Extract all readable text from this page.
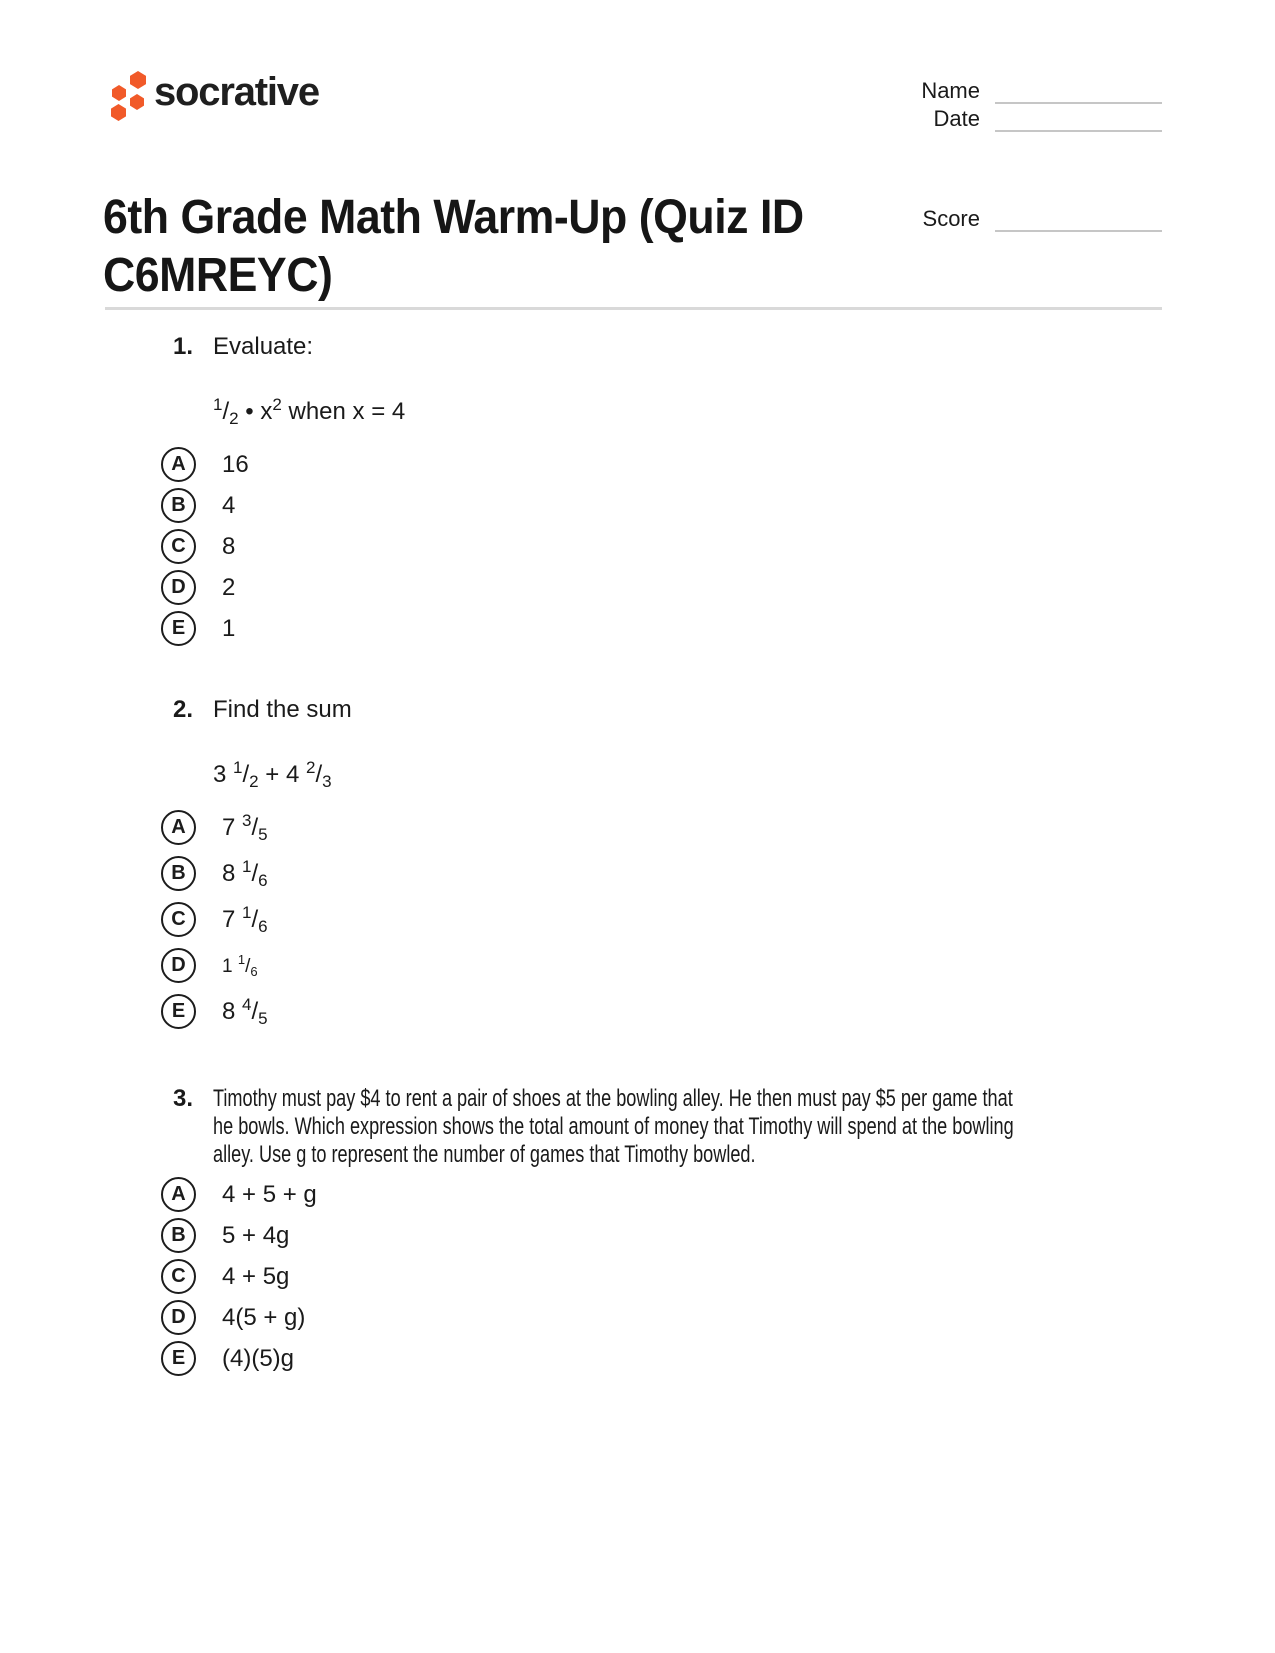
socrative	Name
Date
6th Grade Math Warm-Up (Quiz ID C6MREYC)
Score
1. Evaluate:
$^1/_2$ • $x^2$ when x = 4
A	16
B	4
C	8
D	2
E	1
2. Find the sum
3 $^1/_2 + 4$ $^2/_3$
A	7 $^3/_5$
B	8 $^1/_6$
C	7 $^1/_6$
D	1 $^1/_6$
E	8 $^4/_5$
3. Timothy must pay $4 to rent a pair of shoes at the bowling alley. He then must pay $5 per game that he bowls. Which expression shows the total amount of money that Timothy will spend at the bowling alley. Use g to represent the number of games that Timothy bowled.
A	4 + 5 + g
B	5 + 4g
C	4 + 5g
D	4(5 + g)
E	(4)(5)g
